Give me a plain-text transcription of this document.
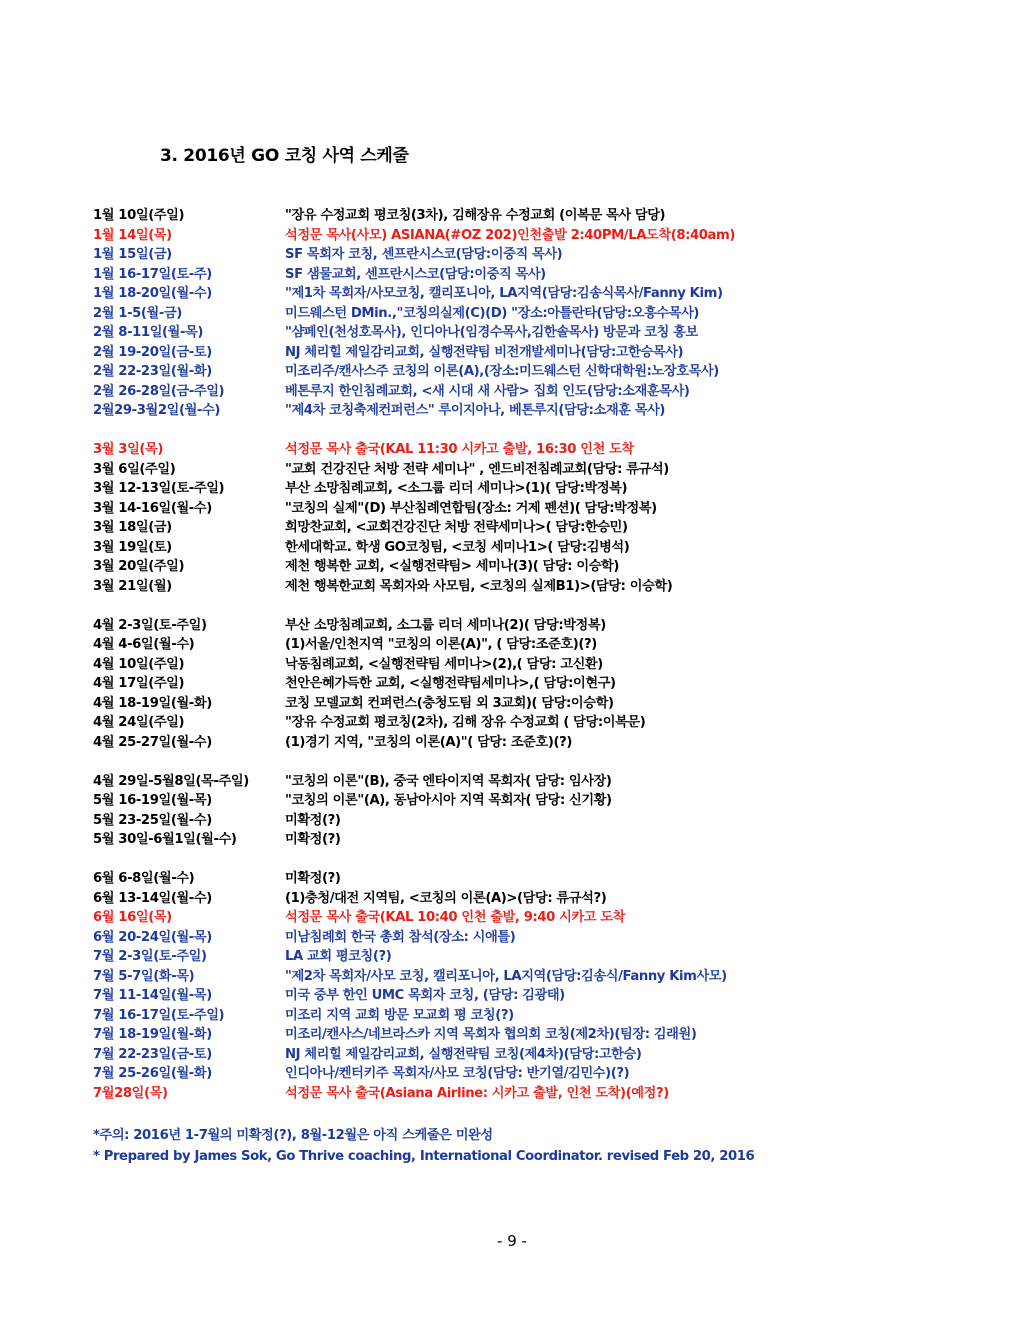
3. 2016년 GO 코칭 사역 스케줄
1월 10일(주일)	"장유 수정교회 평코칭(3차), 김해장유 수정교회 (이복문 목사 담당)
1월 14일(목)	석정문 목사(사모) ASIANA(#OZ 202)인천출발 2:40PM/LA도착(8:40am)
1월 15일(금)	SF 목회자 코칭, 센프란시스코(담당:이중직 목사)
1월 16-17일(토-주)	SF 샘물교회, 센프란시스코(담당:이중직 목사)
1월 18-20일(월-수)	"제1차 목회자/사모코칭, 캘리포니아, LA지역(담당:김송식목사/Fanny Kim)
2월 1-5(월-금)	미드웨스턴 DMin.,"코칭의실제(C)(D) "장소:아틀란타(담당:오흥수목사)
2월 8-11일(월-목)	"샴페인(천성호목사), 인디아나(임경수목사,김한솔목사) 방문과 코칭 홍보
2월 19-20일(금-토)	NJ 체리힐 제일감리교회, 실행전략팀 비전개발세미나(담당:고한승목사)
2월 22-23일(월-화)	미조리주/캔사스주 코칭의 이론(A),(장소:미드웨스턴 신학대학원:노장호목사)
2월 26-28일(금-주일)	베톤루지 한인침례교회, <새 시대 새 사람> 집회 인도(담당:소재훈목사)
2월29-3월2일(월-수)	"제4차 코칭축제컨퍼런스" 루이지아나, 베톤루지(담당:소재훈 목사)
3월 3일(목)	석정문 목사 출국(KAL 11:30 시카고 출발, 16:30 인천 도착
3월 6일(주일)	"교회 건강진단 처방 전략 세미나" , 엔드비전침례교회(담당: 류규석)
3월 12-13일(토-주일)	부산 소망침례교회, <소그룹 리더 세미나>(1)( 담당:박정복)
3월 14-16일(월-수)	"코칭의 실제"(D) 부산침례연합팀(장소: 거제 펜션)( 담당:박정복)
3월 18일(금)	희망찬교회, <교회건강진단 처방 전략세미나>( 담당:한승민)
3월 19일(토)	한세대학교. 학생 GO코칭팀, <코칭 세미나1>( 담당:김병석)
3월 20일(주일)	제천 행복한 교회, <실행전략팀> 세미나(3)( 담당: 이승학)
3월 21일(월)	제천 행복한교회 목회자와 사모팀, <코칭의 실제B1)>(담당: 이승학)
4월 2-3일(토-주일)	부산 소망침례교회, 소그룹 리더 세미나(2)( 담당:박정복)
4월 4-6일(월-수)	(1)서울/인천지역 "코칭의 이론(A)", ( 담당:조준호)(?)
4월 10일(주일)	낙동침례교회, <실행전략팀 세미나>(2),( 담당: 고신환)
4월 17일(주일)	천안은혜가득한 교회, <실행전략팀세미나>,( 담당:이현구)
4월 18-19일(월-화)	코칭 모델교회 컨퍼런스(충청도팀 외 3교회)( 담당:이승학)
4월 24일(주일)	"장유 수정교회 평코칭(2차), 김해 장유 수정교회 ( 담당:이복문)
4월 25-27일(월-수)	(1)경기 지역, "코칭의 이론(A)"( 담당: 조준호)(?)
4월 29일-5월8일(목-주일)	"코칭의 이론"(B), 중국 엔타이지역 목회자( 담당: 임사장)
5월 16-19일(월-목)	"코칭의 이론"(A), 동남아시아 지역 목회자( 담당: 신기황)
5월 23-25일(월-수)	미확정(?)
5월 30일-6월1일(월-수)	미확정(?)
6월 6-8일(월-수)	미확정(?)
6월 13-14일(월-수)	(1)충청/대전 지역팀, <코칭의 이론(A)>(담당: 류규석?)
6월 16일(목)	석정문 목사 출국(KAL 10:40 인천 출발, 9:40 시카고 도착
6월 20-24일(월-목)	미남침례회 한국 총회 참석(장소: 시애틀)
7월 2-3일(토-주일)	LA 교회 평코칭(?)
7월 5-7일(화-목)	"제2차 목회자/사모 코칭, 캘리포니아, LA지역(담당:김송식/Fanny Kim사모)
7월 11-14일(월-목)	미국 중부 한인 UMC 목회자 코칭, (담당: 김광태)
7월 16-17일(토-주일)	미조리 지역 교회 방문 모교회 평 코칭(?)
7월 18-19일(월-화)	미조리/캔사스/네브라스카 지역 목회자 협의회 코칭(제2차)(팀장: 김래원)
7월 22-23일(금-토)	NJ 체리힐 제일감리교회, 실행전략팀 코칭(제4차)(담당:고한승)
7월 25-26일(월-화)	인디아나/켄터키주 목회자/사모 코칭(담당: 반기열/김민수)(?)
7월28일(목)	석정문 목사 출국(Asiana Airline: 시카고 출발, 인천 도착)(예정?)
*주의: 2016년 1-7월의 미확정(?), 8월-12월은 아직 스케줄은 미완성
* Prepared by James Sok, Go Thrive coaching, International Coordinator. revised Feb 20, 2016
- 9 -
